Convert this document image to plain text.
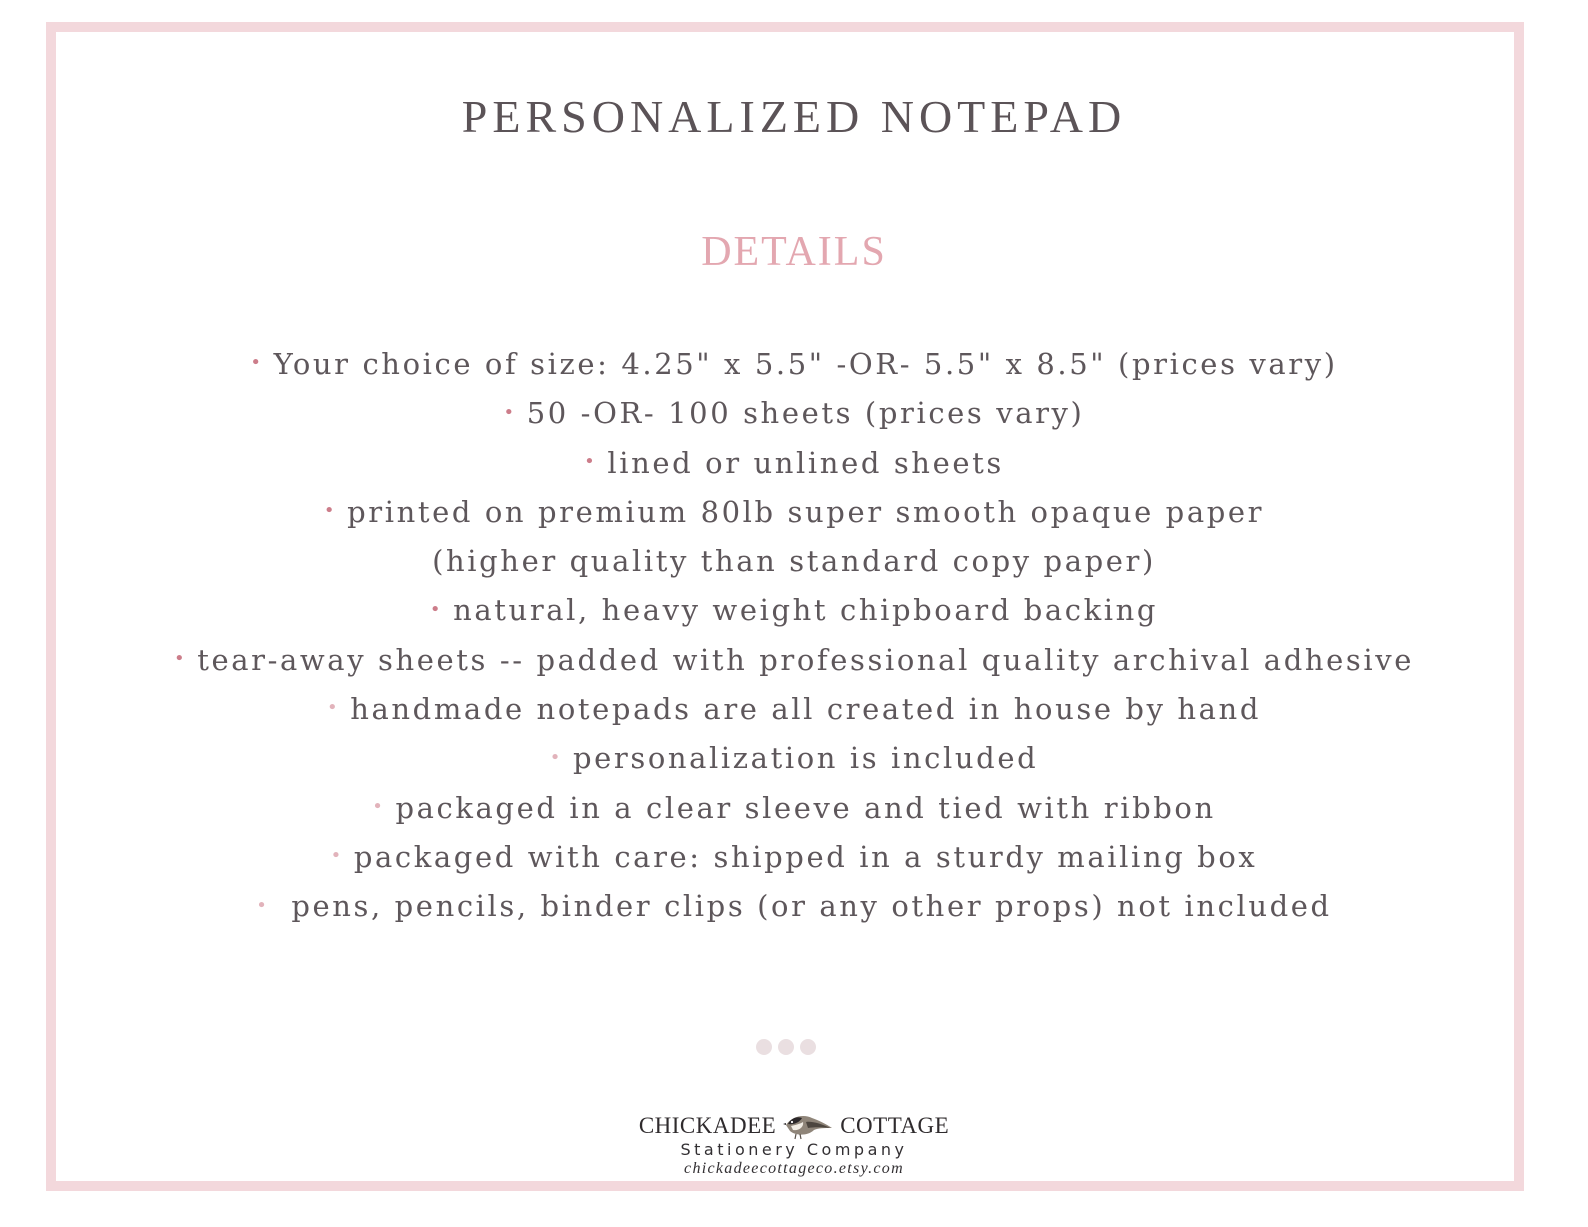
PERSONALIZED NOTEPAD
DETAILS
• Your choice of size: 4.25" x 5.5" -OR- 5.5" x 8.5" (prices vary)
• 50 -OR- 100 sheets (prices vary)
• lined or unlined sheets
• printed on premium 80lb super smooth opaque paper
(higher quality than standard copy paper)
• natural, heavy weight chipboard backing
• tear-away sheets -- padded with professional quality archival adhesive
• handmade notepads are all created in house by hand
• personalization is included
• packaged in a clear sleeve and tied with ribbon
• packaged with care: shipped in a sturdy mailing box
• pens, pencils, binder clips (or any other props) not included
CHICKADEE	COTTAGE
Stationery Company
chickadeecottageco.etsy.com
